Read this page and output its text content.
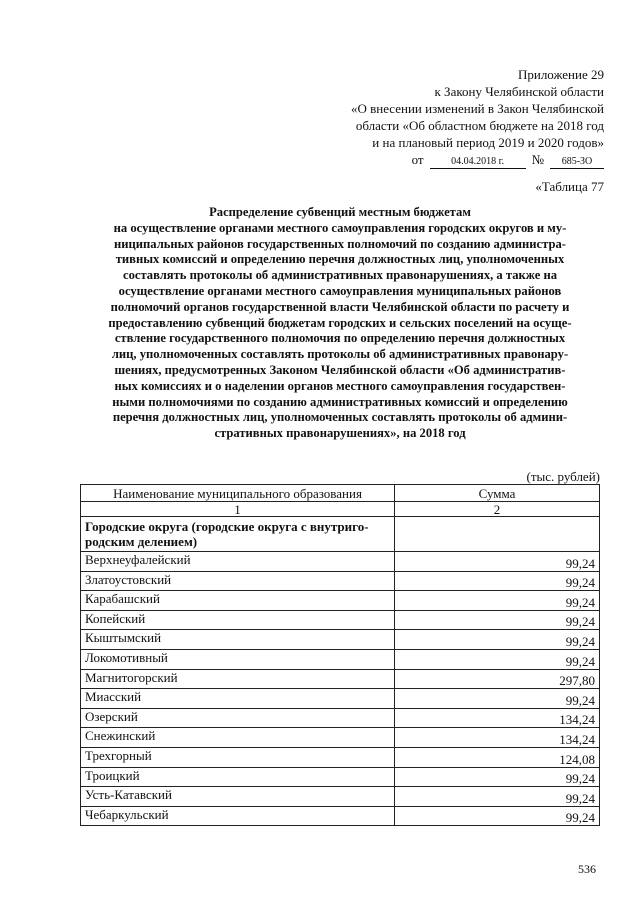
Приложение 29
к Закону Челябинской области
«О внесении изменений в Закон Челябинской
области «Об областном бюджете на 2018 год
и на плановый период 2019 и 2020 годов»
от	04.04.2018 г.	№	685-ЗО
«Таблица 77
Распределение субвенций местным бюджетам
на осуществление органами местного самоуправления городских округов и му-
ниципальных районов государственных полномочий по созданию администра-
тивных комиссий и определению перечня должностных лиц, уполномоченных
составлять протоколы об административных правонарушениях, а также на
осуществление органами местного самоуправления муниципальных районов
полномочий органов государственной власти Челябинской области по расчету и
предоставлению субвенций бюджетам городских и сельских поселений на осуще-
ствление государственного полномочия по определению перечня должностных
лиц, уполномоченных составлять протоколы об административных правонару-
шениях, предусмотренных Законом Челябинской области «Об административ-
ных комиссиях и о наделении органов местного самоуправления государствен-
ными полномочиями по созданию административных комиссий и определению
перечня должностных лиц, уполномоченных составлять протоколы об админи-
стративных правонарушениях», на 2018 год
(тыс. рублей)
Наименование муниципального образования	Сумма
1	2
Городские округа (городские округа с внутриго-родским делением)	
Верхнеуфалейский	99,24
Златоустовский	99,24
Карабашский	99,24
Копейский	99,24
Кыштымский	99,24
Локомотивный	99,24
Магнитогорский	297,80
Миасский	99,24
Озерский	134,24
Снежинский	134,24
Трехгорный	124,08
Троицкий	99,24
Усть-Катавский	99,24
Чебаркульский	99,24
536
